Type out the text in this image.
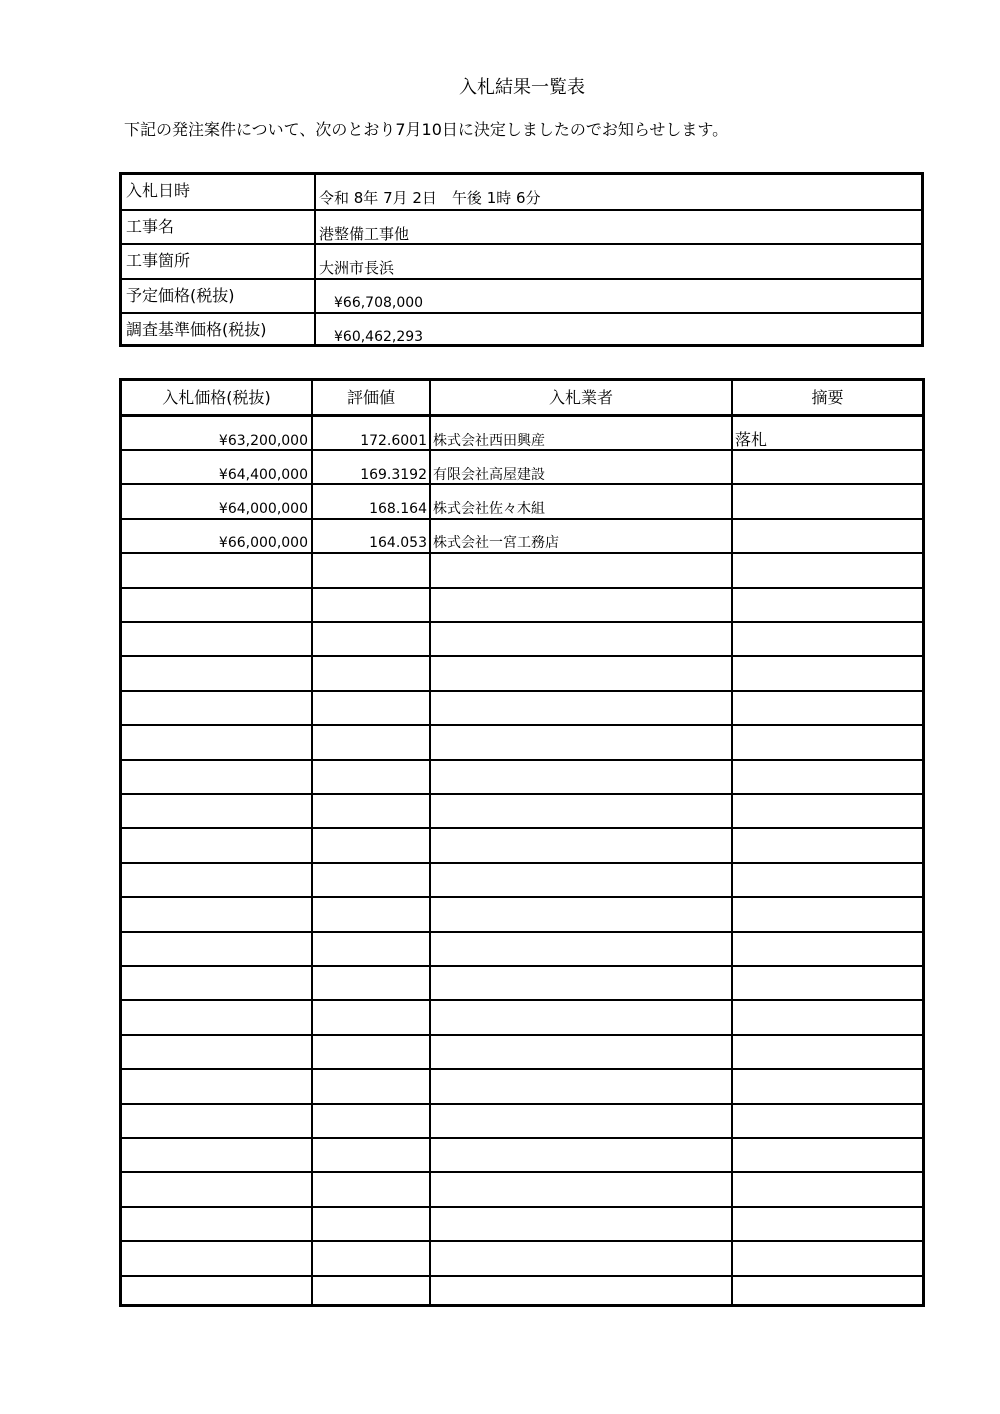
入札結果一覧表
下記の発注案件について、次のとおり7月10日に決定しましたのでお知らせします。
入札日時	令和 8年 7月 2日　午後 1時 6分
工事名	港整備工事他
工事箇所	大洲市長浜
予定価格(税抜)	¥66,708,000
調査基準価格(税抜)	¥60,462,293
入札価格(税抜)	評価値	入札業者	摘要
¥63,200,000	172.6001 株式会社西田興産	落札
¥64,400,000	169.3192 有限会社高屋建設
¥64,000,000	168.164 株式会社佐々木組
¥66,000,000	164.053 株式会社一宮工務店
